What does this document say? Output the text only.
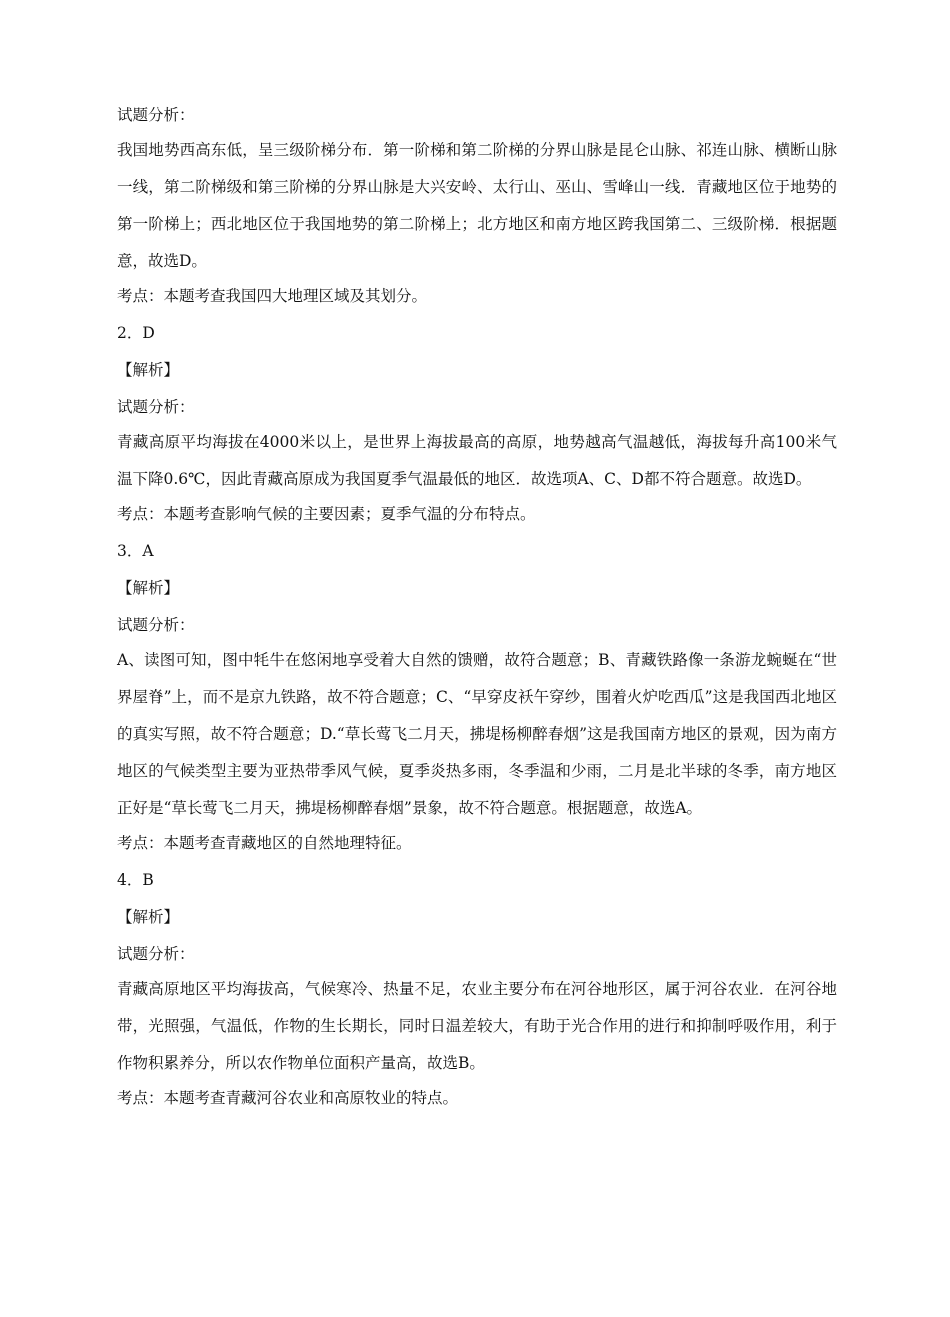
试题分析：
我国地势西高东低，呈三级阶梯分布．第一阶梯和第二阶梯的分界山脉是昆仑山脉、祁连山脉、横断山脉一线，第二阶梯级和第三阶梯的分界山脉是大兴安岭、太行山、巫山、雪峰山一线．青藏地区位于地势的第一阶梯上；西北地区位于我国地势的第二阶梯上；北方地区和南方地区跨我国第二、三级阶梯．根据题意，故选D。
考点：本题考查我国四大地理区域及其划分。
2．D
【解析】
试题分析：
青藏高原平均海拔在4000米以上，是世界上海拔最高的高原，地势越高气温越低，海拔每升高100米气温下降0.6℃，因此青藏高原成为我国夏季气温最低的地区．故选项A、C、D都不符合题意。故选D。
考点：本题考查影响气候的主要因素；夏季气温的分布特点。
3．A
【解析】
试题分析：
A、读图可知，图中牦牛在悠闲地享受着大自然的馈赠，故符合题意；B、青藏铁路像一条游龙蜿蜒在“世界屋脊”上，而不是京九铁路，故不符合题意；C、“早穿皮袄午穿纱，围着火炉吃西瓜”这是我国西北地区的真实写照，故不符合题意；D.“草长莺飞二月天，拂堤杨柳醉春烟”这是我国南方地区的景观，因为南方地区的气候类型主要为亚热带季风气候，夏季炎热多雨，冬季温和少雨，二月是北半球的冬季，南方地区正好是“草长莺飞二月天，拂堤杨柳醉春烟”景象，故不符合题意。根据题意，故选A。
考点：本题考查青藏地区的自然地理特征。
4．B
【解析】
试题分析：
青藏高原地区平均海拔高，气候寒冷、热量不足，农业主要分布在河谷地形区，属于河谷农业．在河谷地带，光照强，气温低，作物的生长期长，同时日温差较大，有助于光合作用的进行和抑制呼吸作用，利于作物积累养分，所以农作物单位面积产量高，故选B。
考点：本题考查青藏河谷农业和高原牧业的特点。
